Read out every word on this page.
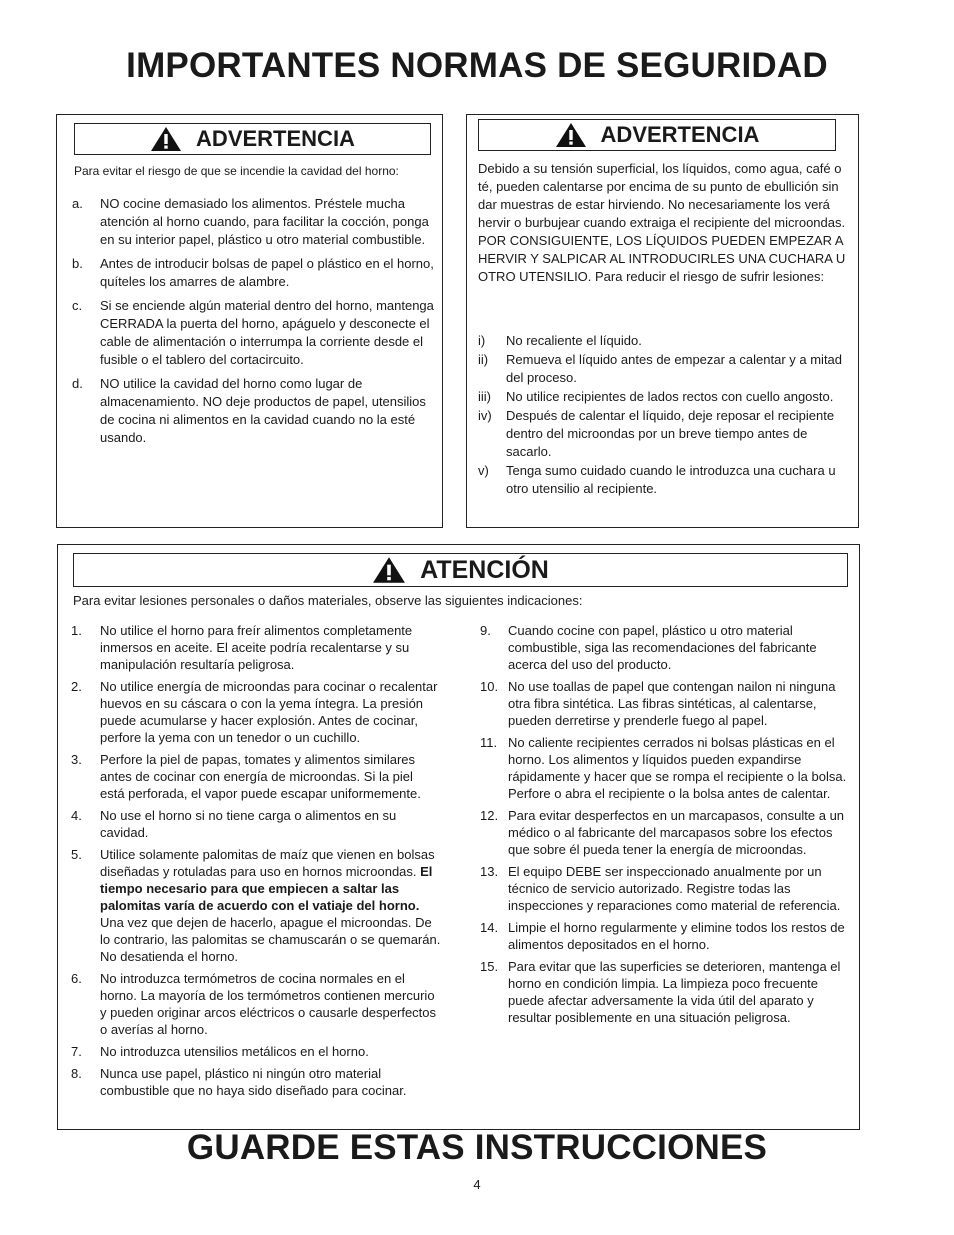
IMPORTANTES NORMAS DE SEGURIDAD
ADVERTENCIA

Para evitar el riesgo de que se incendie la cavidad del horno:

a. NO cocine demasiado los alimentos. Préstele mucha atención al horno cuando, para facilitar la cocción, ponga en su interior papel, plástico u otro material combustible.
b. Antes de introducir bolsas de papel o plástico en el horno, quíteles los amarres de alambre.
c. Si se enciende algún material dentro del horno, mantenga CERRADA la puerta del horno, apáguelo y desconecte el cable de alimentación o interrumpa la corriente desde el fusible o el tablero del cortacircuito.
d. NO utilice la cavidad del horno como lugar de almacenamiento. NO deje productos de papel, utensilios de cocina ni alimentos en la cavidad cuando no la esté usando.
ADVERTENCIA

Debido a su tensión superficial, los líquidos, como agua, café o té, pueden calentarse por encima de su punto de ebullición sin dar muestras de estar hirviendo. No necesariamente los verá hervir o burbujear cuando extraiga el recipiente del microondas. POR CONSIGUIENTE, LOS LÍQUIDOS PUEDEN EMPEZAR A HERVIR Y SALPICAR AL INTRODUCIRLES UNA CUCHARA U OTRO UTENSILIO. Para reducir el riesgo de sufrir lesiones:

i) No recaliente el líquido.
ii) Remueva el líquido antes de empezar a calentar y a mitad del proceso.
iii) No utilice recipientes de lados rectos con cuello angosto.
iv) Después de calentar el líquido, deje reposar el recipiente dentro del microondas por un breve tiempo antes de sacarlo.
v) Tenga sumo cuidado cuando le introduzca una cuchara u otro utensilio al recipiente.
ATENCIÓN

Para evitar lesiones personales o daños materiales, observe las siguientes indicaciones:

1. No utilice el horno para freír alimentos completamente inmersos en aceite. El aceite podría recalentarse y su manipulación resultaría peligrosa.
2. No utilice energía de microondas para cocinar o recalentar huevos en su cáscara o con la yema íntegra. La presión puede acumularse y hacer explosión. Antes de cocinar, perfore la yema con un tenedor o un cuchillo.
3. Perfore la piel de papas, tomates y alimentos similares antes de cocinar con energía de microondas. Si la piel está perforada, el vapor puede escapar uniformemente.
4. No use el horno si no tiene carga o alimentos en su cavidad.
5. Utilice solamente palomitas de maíz que vienen en bolsas diseñadas y rotuladas para uso en hornos microondas. El tiempo necesario para que empiecen a saltar las palomitas varía de acuerdo con el vatiaje del horno. Una vez que dejen de hacerlo, apague el microondas. De lo contrario, las palomitas se chamuscarán o se quemarán. No desatienda el horno.
6. No introduzca termómetros de cocina normales en el horno. La mayoría de los termómetros contienen mercurio y pueden originar arcos eléctricos o causarle desperfectos o averías al horno.
7. No introduzca utensilios metálicos en el horno.
8. Nunca use papel, plástico ni ningún otro material combustible que no haya sido diseñado para cocinar.
9. Cuando cocine con papel, plástico u otro material combustible, siga las recomendaciones del fabricante acerca del uso del producto.
10. No use toallas de papel que contengan nailon ni ninguna otra fibra sintética. Las fibras sintéticas, al calentarse, pueden derretirse y prenderle fuego al papel.
11. No caliente recipientes cerrados ni bolsas plásticas en el horno. Los alimentos y líquidos pueden expandirse rápidamente y hacer que se rompa el recipiente o la bolsa. Perfore o abra el recipiente o la bolsa antes de calentar.
12. Para evitar desperfectos en un marcapasos, consulte a un médico o al fabricante del marcapasos sobre los efectos que sobre él pueda tener la energía de microondas.
13. El equipo DEBE ser inspeccionado anualmente por un técnico de servicio autorizado. Registre todas las inspecciones y reparaciones como material de referencia.
14. Limpie el horno regularmente y elimine todos los restos de alimentos depositados en el horno.
15. Para evitar que las superficies se deterioren, mantenga el horno en condición limpia. La limpieza poco frecuente puede afectar adversamente la vida útil del aparato y resultar posiblemente en una situación peligrosa.
GUARDE ESTAS INSTRUCCIONES
4
